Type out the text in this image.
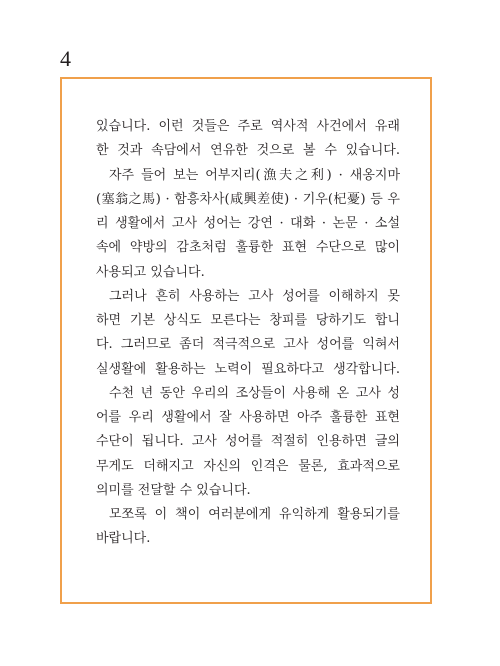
4
있습니다. 이런 것들은 주로 역사적 사건에서 유래
한 것과 속담에서 연유한 것으로 볼 수 있습니다.
자주 들어 보는 어부지리(漁夫之利) · 새옹지마
(塞翁之馬) · 함흥차사(咸興差使) · 기우(杞憂) 등 우
리 생활에서 고사 성어는 강연 · 대화 · 논문 · 소설
속에 약방의 감초처럼 훌륭한 표현 수단으로 많이
사용되고 있습니다.
그러나 흔히 사용하는 고사 성어를 이해하지 못
하면 기본 상식도 모른다는 창피를 당하기도 합니
다. 그러므로 좀더 적극적으로 고사 성어를 익혀서
실생활에 활용하는 노력이 필요하다고 생각합니다.
수천 년 동안 우리의 조상들이 사용해 온 고사 성
어를 우리 생활에서 잘 사용하면 아주 훌륭한 표현
수단이 됩니다. 고사 성어를 적절히 인용하면 글의
무게도 더해지고 자신의 인격은 물론, 효과적으로
의미를 전달할 수 있습니다.
모쪼록 이 책이 여러분에게 유익하게 활용되기를
바랍니다.
